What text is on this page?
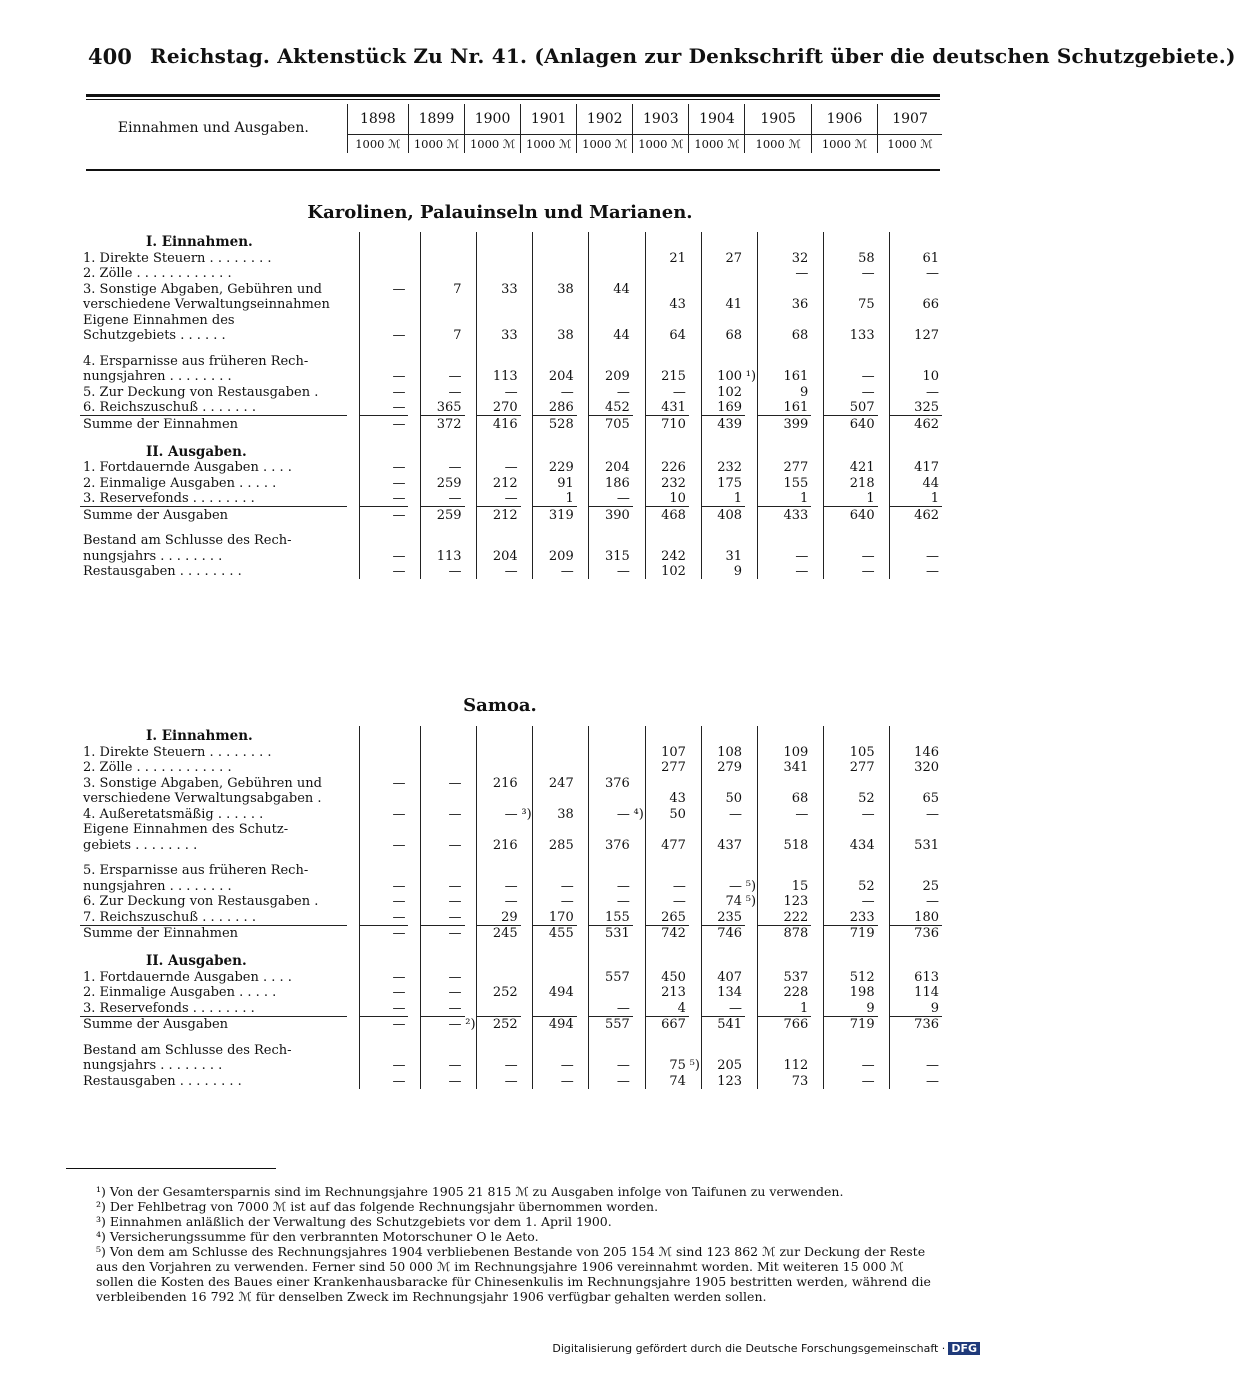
400 Reichstag. Aktenstück Zu Nr. 41. (Anlagen zur Denkschrift über die deutschen Schutzgebiete.)
Einnahmen und Ausgaben.	1898	1899	1900	1901	1902	1903	1904	1905	1906	1907
	1000 ℳ	1000 ℳ	1000 ℳ	1000 ℳ	1000 ℳ	1000 ℳ	1000 ℳ	1000 ℳ	1000 ℳ	1000 ℳ
Karolinen, Palauinseln und Marianen.
I. Einnahmen.																				
1. Direkte Steuern . . . . . . . .												21		27		32		58		61
2. Zölle . . . . . . . . . . . .																—		—		—
3. Sonstige Abgaben, Gebühren und		—		7		33		38		44										
verschiedene Verwaltungseinnahmen												43		41		36		75		66
Eigene Einnahmen des																				
Schutzgebiets . . . . . .		—		7		33		38		44		64		68		68		133		127

4. Ersparnisse aus früheren Rech-																				
nungsjahren . . . . . . . .		—		—		113		204		209		215		100	¹)	161		—		10
5. Zur Deckung von Restausgaben .		—		—		—		—		—		—		102		9		—		—
6. Reichszuschuß . . . . . . .		—		365		270		286		452		431		169		161		507		325
Summe der Einnahmen		—		372		416		528		705		710		439		399		640		462

II. Ausgaben.																				
1. Fortdauernde Ausgaben . . . .		—		—		—		229		204		226		232		277		421		417
2. Einmalige Ausgaben . . . . .		—		259		212		91		186		232		175		155		218		44
3. Reservefonds . . . . . . . .		—		—		—		1		—		10		1		1		1		1
Summe der Ausgaben		—		259		212		319		390		468		408		433		640		462

Bestand am Schlusse des Rech-																				
nungsjahrs . . . . . . . .		—		113		204		209		315		242		31		—		—		—
Restausgaben . . . . . . . .		—		—		—		—		—		102		9		—		—		—
Samoa.
I. Einnahmen.																				
1. Direkte Steuern . . . . . . . .												107		108		109		105		146
2. Zölle . . . . . . . . . . . .												277		279		341		277		320
3. Sonstige Abgaben, Gebühren und		—		—		216		247		376										
verschiedene Verwaltungsabgaben .												43		50		68		52		65
4. Außeretatsmäßig . . . . . .		—		—		—	³)	38		—	⁴)	50		—		—		—		—
Eigene Einnahmen des Schutz-																				
gebiets . . . . . . . .		—		—		216		285		376		477		437		518		434		531

5. Ersparnisse aus früheren Rech-																				
nungsjahren . . . . . . . .		—		—		—		—		—		—		—	⁵)	15		52		25
6. Zur Deckung von Restausgaben .		—		—		—		—		—		—		74	⁵)	123		—		—
7. Reichszuschuß . . . . . . .		—		—		29		170		155		265		235		222		233		180
Summe der Einnahmen		—		—		245		455		531		742		746		878		719		736

II. Ausgaben.																				
1. Fortdauernde Ausgaben . . . .		—		—						557		450		407		537		512		613
2. Einmalige Ausgaben . . . . .		—		—		252		494				213		134		228		198		114
3. Reservefonds . . . . . . . .		—		—						—		4		—		1		9		9
Summe der Ausgaben		—		—	²)	252		494		557		667		541		766		719		736

Bestand am Schlusse des Rech-																				
nungsjahrs . . . . . . . .		—		—		—		—		—		75	⁵)	205		112		—		—
Restausgaben . . . . . . . .		—		—		—		—		—		74		123		73		—		—

¹) Von der Gesamtersparnis sind im Rechnungsjahre 1905 21 815 ℳ zu Ausgaben infolge von Taifunen zu verwenden.

²) Der Fehlbetrag von 7000 ℳ ist auf das folgende Rechnungsjahr übernommen worden.

³) Einnahmen anläßlich der Verwaltung des Schutzgebiets vor dem 1. April 1900.

⁴) Versicherungssumme für den verbrannten Motorschuner O le Aeto.

⁵) Von dem am Schlusse des Rechnungsjahres 1904 verbliebenen Bestande von 205 154 ℳ sind 123 862 ℳ zur Deckung der Reste aus den Vorjahren zu verwenden. Ferner sind 50 000 ℳ im Rechnungsjahre 1906 vereinnahmt worden. Mit weiteren 15 000 ℳ sollen die Kosten des Baues einer Krankenhausbaracke für Chinesenkulis im Rechnungsjahre 1905 bestritten werden, während die verbleibenden 16 792 ℳ für denselben Zweck im Rechnungsjahr 1906 verfügbar gehalten werden sollen.

Digitalisierung gefördert durch die Deutsche Forschungsgemeinschaft · DFG
